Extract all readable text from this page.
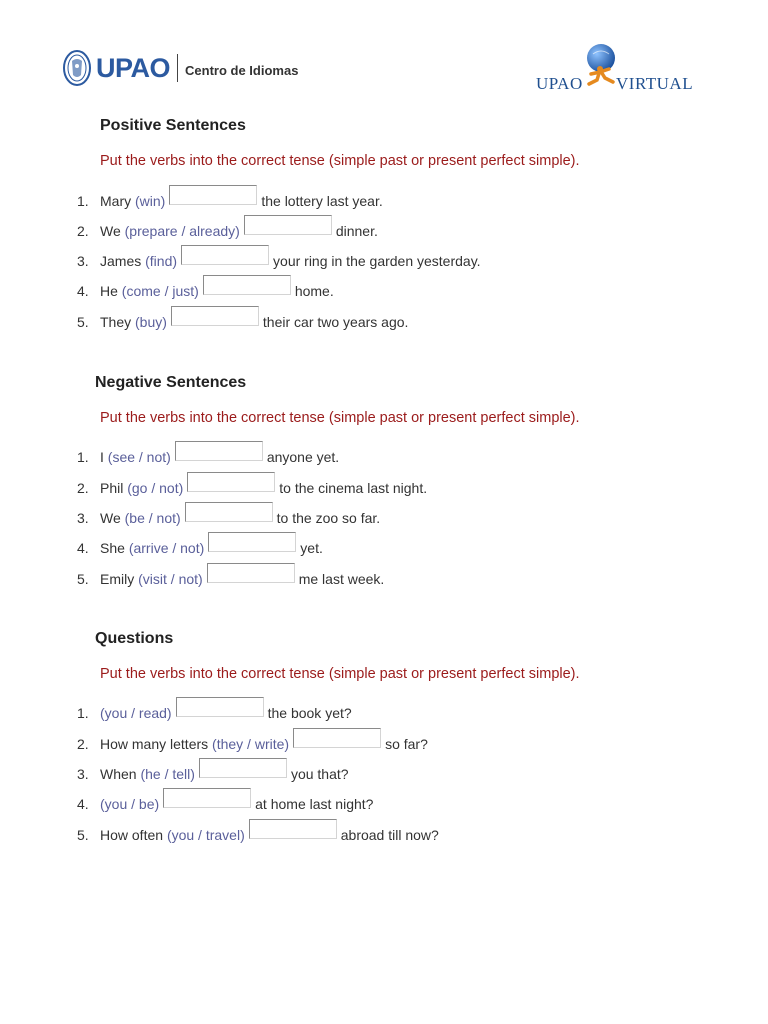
UPAO Centro de Idiomas
UPAO VIRTUAL
Positive Sentences
Put the verbs into the correct tense (simple past or present perfect simple).
1. Mary (win)	the lottery last year.
2. We (prepare / already)	dinner.
3. James (find)	your ring in the garden yesterday.
4. He (come / just)	home.
5. They (buy)	their car two years ago.
Negative Sentences
Put the verbs into the correct tense (simple past or present perfect simple).
1. I (see / not)	anyone yet.
2. Phil (go / not)	to the cinema last night.
3. We (be / not)	to the zoo so far.
4. She (arrive / not)	yet.
5. Emily (visit / not)	me last week.
Questions
Put the verbs into the correct tense (simple past or present perfect simple).
1. (you / read)	the book yet?
2. How many letters (they / write)	so far?
3. When (he / tell)	you that?
4. (you / be)	at home last night?
5. How often (you / travel)	abroad till now?
